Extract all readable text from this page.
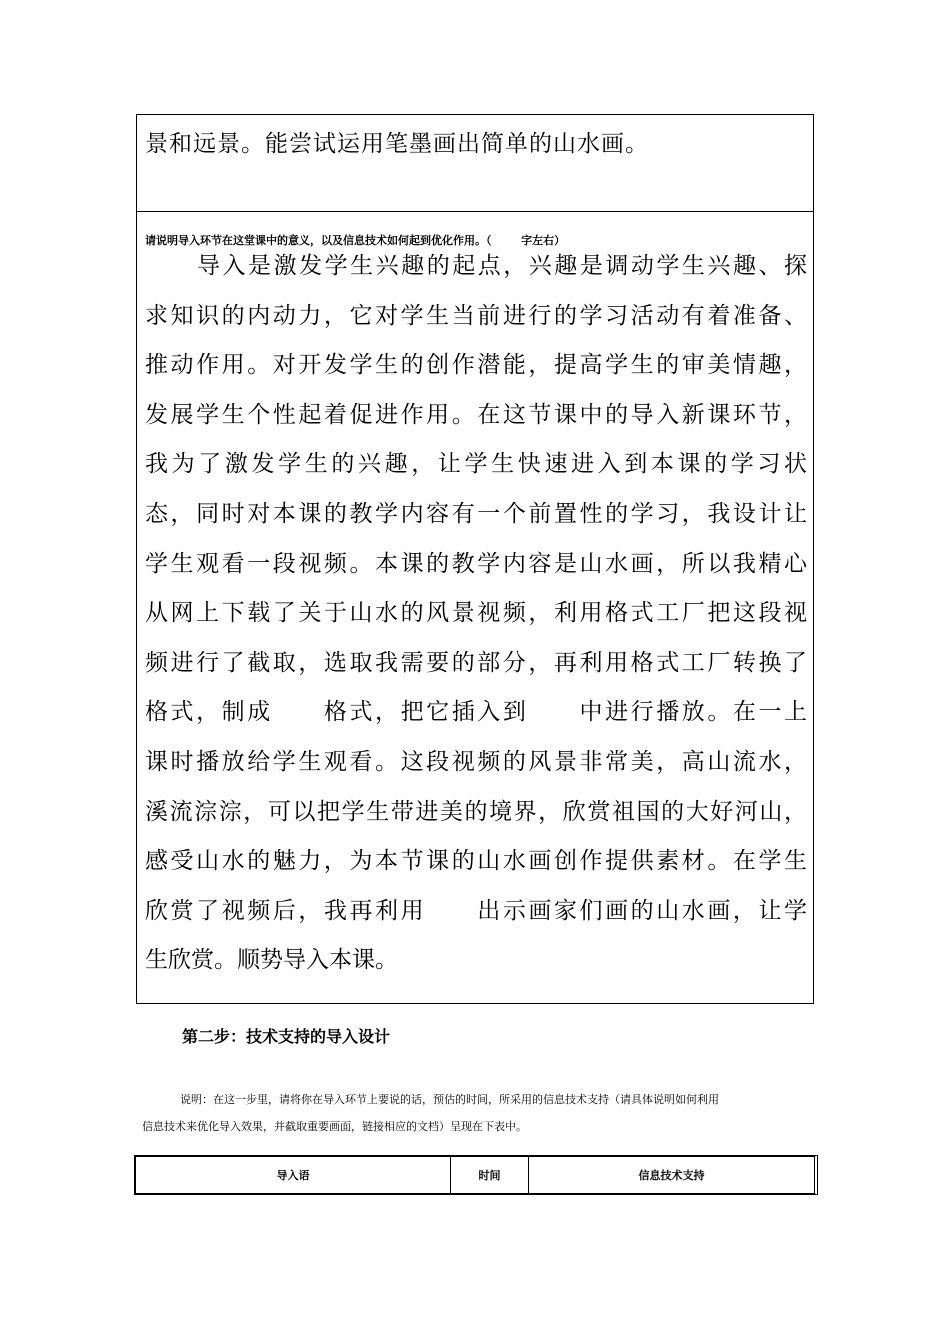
景和远景。能尝试运用笔墨画出简单的山水画。
请说明导入环节在这堂课中的意义，以及信息技术如何起到优化作用。（ 　　 字左右）
导入是激发学生兴趣的起点，兴趣是调动学生兴趣、探
求知识的内动力，它对学生当前进行的学习活动有着准备、
推动作用。对开发学生的创作潜能，提高学生的审美情趣，
发展学生个性起着促进作用。在这节课中的导入新课环节，
我为了激发学生的兴趣，让学生快速进入到本课的学习状
态，同时对本课的教学内容有一个前置性的学习，我设计让
学生观看一段视频。本课的教学内容是山水画，所以我精心
从网上下载了关于山水的风景视频，利用格式工厂把这段视
频进行了截取，选取我需要的部分，再利用格式工厂转换了
格式，制成　　格式，把它插入到　　中进行播放。在一上
课时播放给学生观看。这段视频的风景非常美，高山流水，
溪流淙淙，可以把学生带进美的境界，欣赏祖国的大好河山，
感受山水的魅力，为本节课的山水画创作提供素材。在学生
欣赏了视频后，我再利用　　出示画家们画的山水画，让学
生欣赏。顺势导入本课。
第二步：技术支持的导入设计
说明：在这一步里，请将你在导入环节上要说的话，预估的时间，所采用的信息技术支持（请具体说明如何利用
信息技术来优化导入效果，并截取重要画面，链接相应的文档）呈现在下表中。
导入语	时间	信息技术支持
